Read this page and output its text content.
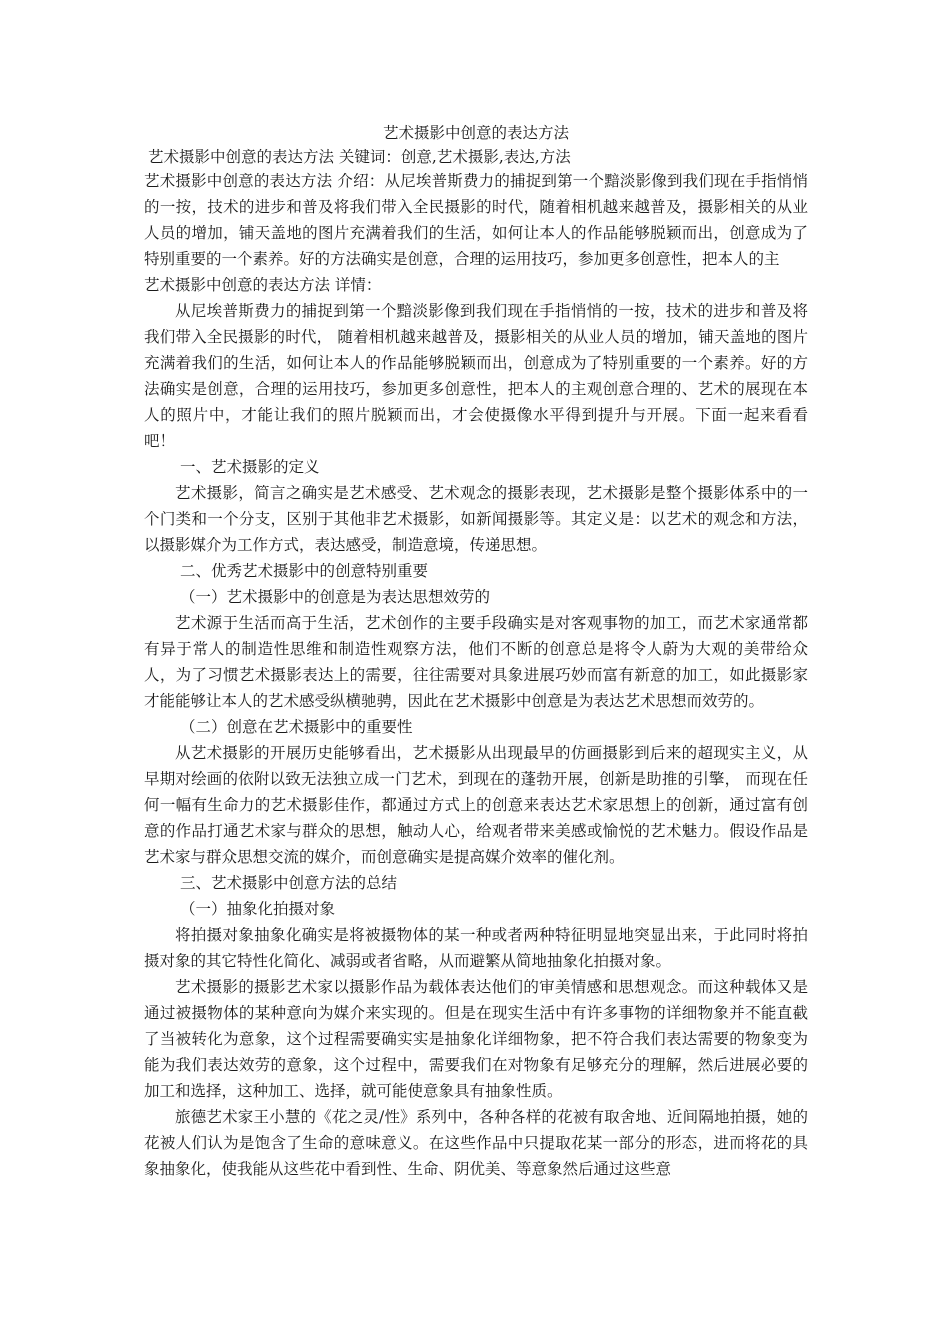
艺术摄影中创意的表达方法

艺术摄影中创意的表达方法 关键词：创意,艺术摄影,表达,方法

艺术摄影中创意的表达方法 介绍：从尼埃普斯费力的捕捉到第一个黯淡影像到我们现在手指悄悄的一按，技术的进步和普及将我们带入全民摄影的时代，随着相机越来越普及，摄影相关的从业人员的增加，铺天盖地的图片充满着我们的生活，如何让本人的作品能够脱颖而出，创意成为了特别重要的一个素养。好的方法确实是创意，合理的运用技巧，参加更多创意性，把本人的主

艺术摄影中创意的表达方法 详情：

从尼埃普斯费力的捕捉到第一个黯淡影像到我们现在手指悄悄的一按，技术的进步和普及将我们带入全民摄影的时代， 随着相机越来越普及，摄影相关的从业人员的增加，铺天盖地的图片充满着我们的生活，如何让本人的作品能够脱颖而出，创意成为了特别重要的一个素养。好的方法确实是创意，合理的运用技巧，参加更多创意性，把本人的主观创意合理的、艺术的展现在本人的照片中，才能让我们的照片脱颖而出，才会使摄像水平得到提升与开展。下面一起来看看吧！

一、艺术摄影的定义

艺术摄影，简言之确实是艺术感受、艺术观念的摄影表现，艺术摄影是整个摄影体系中的一个门类和一个分支，区别于其他非艺术摄影，如新闻摄影等。其定义是：以艺术的观念和方法，以摄影媒介为工作方式，表达感受，制造意境，传递思想。

二、优秀艺术摄影中的创意特别重要

（一）艺术摄影中的创意是为表达思想效劳的

艺术源于生活而高于生活，艺术创作的主要手段确实是对客观事物的加工，而艺术家通常都有异于常人的制造性思维和制造性观察方法，他们不断的创意总是将令人蔚为大观的美带给众人，为了习惯艺术摄影表达上的需要，往往需要对具象进展巧妙而富有新意的加工，如此摄影家才能能够让本人的艺术感受纵横驰骋，因此在艺术摄影中创意是为表达艺术思想而效劳的。

（二）创意在艺术摄影中的重要性

从艺术摄影的开展历史能够看出，艺术摄影从出现最早的仿画摄影到后来的超现实主义，从早期对绘画的依附以致无法独立成一门艺术，到现在的蓬勃开展，创新是助推的引擎， 而现在任何一幅有生命力的艺术摄影佳作，都通过方式上的创意来表达艺术家思想上的创新，通过富有创意的作品打通艺术家与群众的思想，触动人心，给观者带来美感或愉悦的艺术魅力。假设作品是艺术家与群众思想交流的媒介，而创意确实是提高媒介效率的催化剂。

三、艺术摄影中创意方法的总结

（一）抽象化拍摄对象

将拍摄对象抽象化确实是将被摄物体的某一种或者两种特征明显地突显出来，于此同时将拍摄对象的其它特性化简化、减弱或者省略，从而避繁从简地抽象化拍摄对象。

艺术摄影的摄影艺术家以摄影作品为载体表达他们的审美情感和思想观念。而这种载体又是通过被摄物体的某种意向为媒介来实现的。但是在现实生活中有许多事物的详细物象并不能直截了当被转化为意象，这个过程需要确实实是抽象化详细物象，把不符合我们表达需要的物象变为能为我们表达效劳的意象，这个过程中，需要我们在对物象有足够充分的理解，然后进展必要的加工和选择，这种加工、选择，就可能使意象具有抽象性质。

旅德艺术家王小慧的《花之灵/性》系列中，各种各样的花被有取舍地、近间隔地拍摄，她的花被人们认为是饱含了生命的意味意义。在这些作品中只提取花某一部分的形态，进而将花的具象抽象化，使我能从这些花中看到性、生命、阴优美、等意象然后通过这些意
